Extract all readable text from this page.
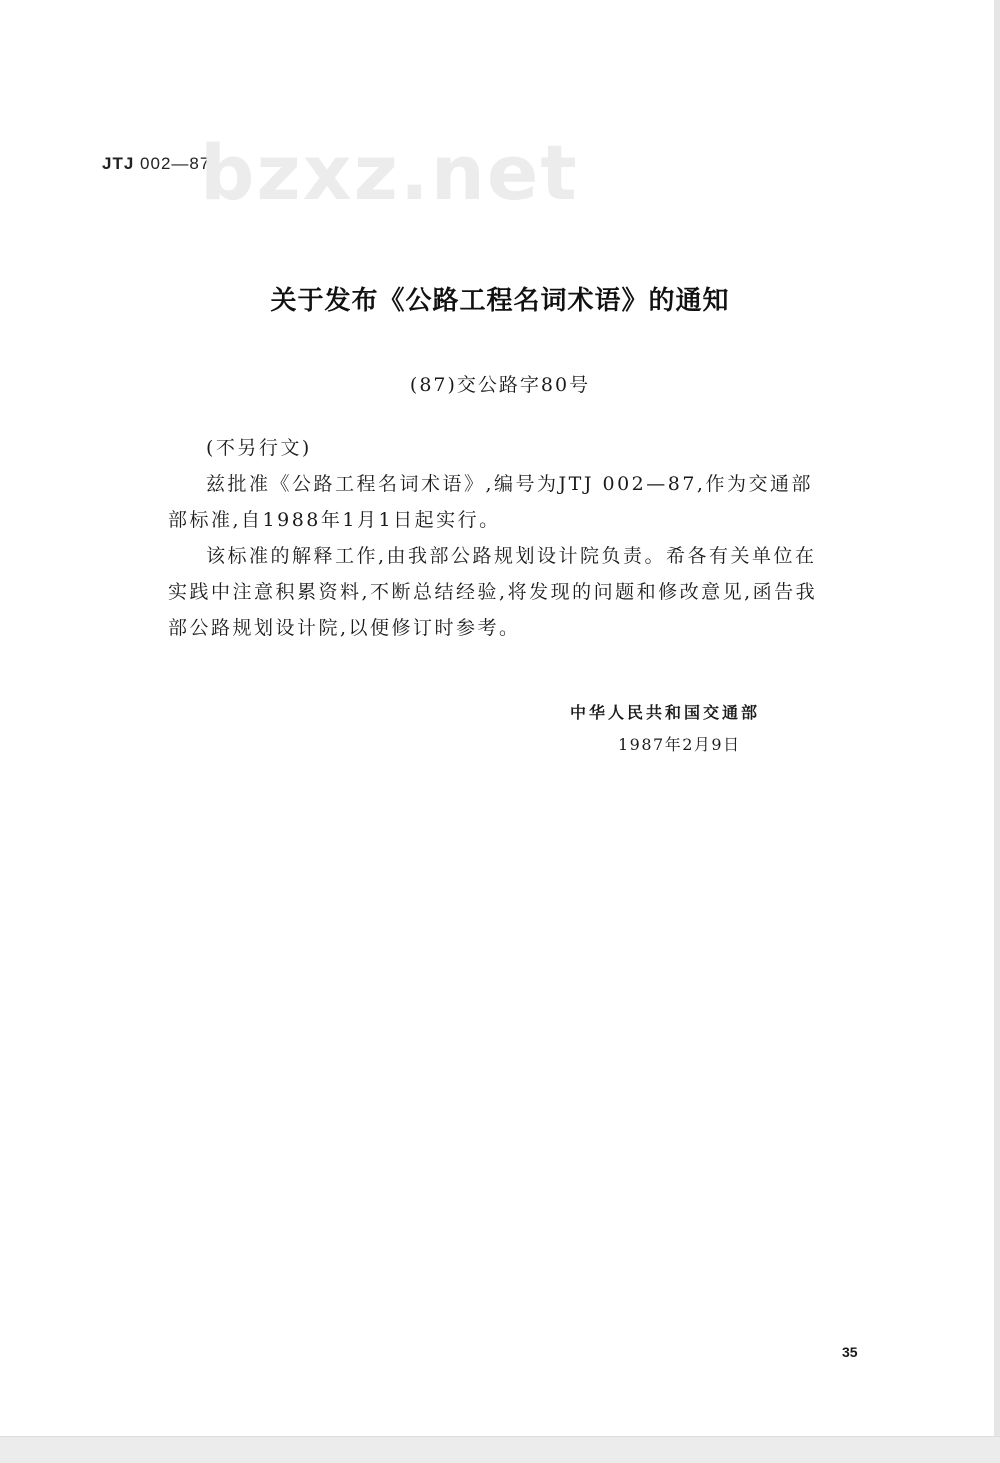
JTJ 002—87
bzxz.net
关于发布《公路工程名词术语》的通知
(87)交公路字80号

(不另行文)

兹批准《公路工程名词术语》,编号为JTJ 002—87,作为交通部部标准,自1988年1月1日起实行。

该标准的解释工作,由我部公路规划设计院负责。希各有关单位在实践中注意积累资料,不断总结经验,将发现的问题和修改意见,函告我部公路规划设计院,以便修订时参考。

中华人民共和国交通部
1987年2月9日
35
